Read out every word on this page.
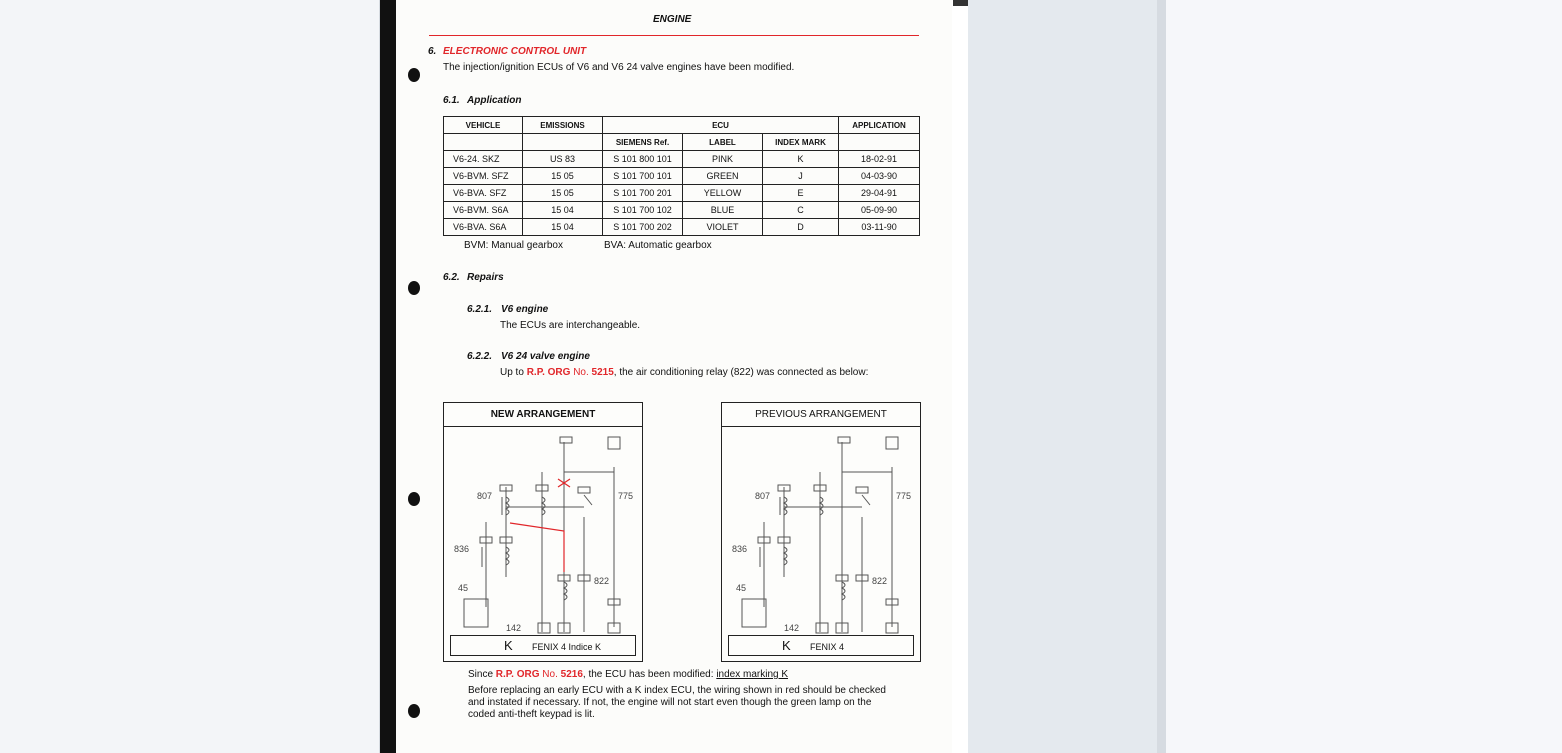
ENGINE
6. ELECTRONIC CONTROL UNIT
The injection/ignition ECUs of V6 and V6 24 valve engines have been modified.
6.1. Application
VEHICLE	EMISSIONS	ECU			APPLICATION
		SIEMENS Ref.	LABEL	INDEX MARK	
V6-24. SKZ	US 83	S 101 800 101	PINK	K	18-02-91
V6-BVM. SFZ	15 05	S 101 700 101	GREEN	J	04-03-90
V6-BVA. SFZ	15 05	S 101 700 201	YELLOW	E	29-04-91
V6-BVM. S6A	15 04	S 101 700 102	BLUE	C	05-09-90
V6-BVA. S6A	15 04	S 101 700 202	VIOLET	D	03-11-90
BVM: Manual gearbox	BVA: Automatic gearbox
6.2. Repairs
6.2.1. V6 engine
The ECUs are interchangeable.
6.2.2. V6 24 valve engine
Up to R.P. ORG No. 5215, the air conditioning relay (822) was connected as below:
NEW ARRANGEMENT
807	775
836
822
45
142
K FENIX 4 Indice K
PREVIOUS ARRANGEMENT
807	775
836
822
45
142
K FENIX 4
Since R.P. ORG No. 5216, the ECU has been modified: index marking K
Before replacing an early ECU with a K index ECU, the wiring shown in red should be checked
and instated if necessary. If not, the engine will not start even though the green lamp on the
coded anti-theft keypad is lit.
